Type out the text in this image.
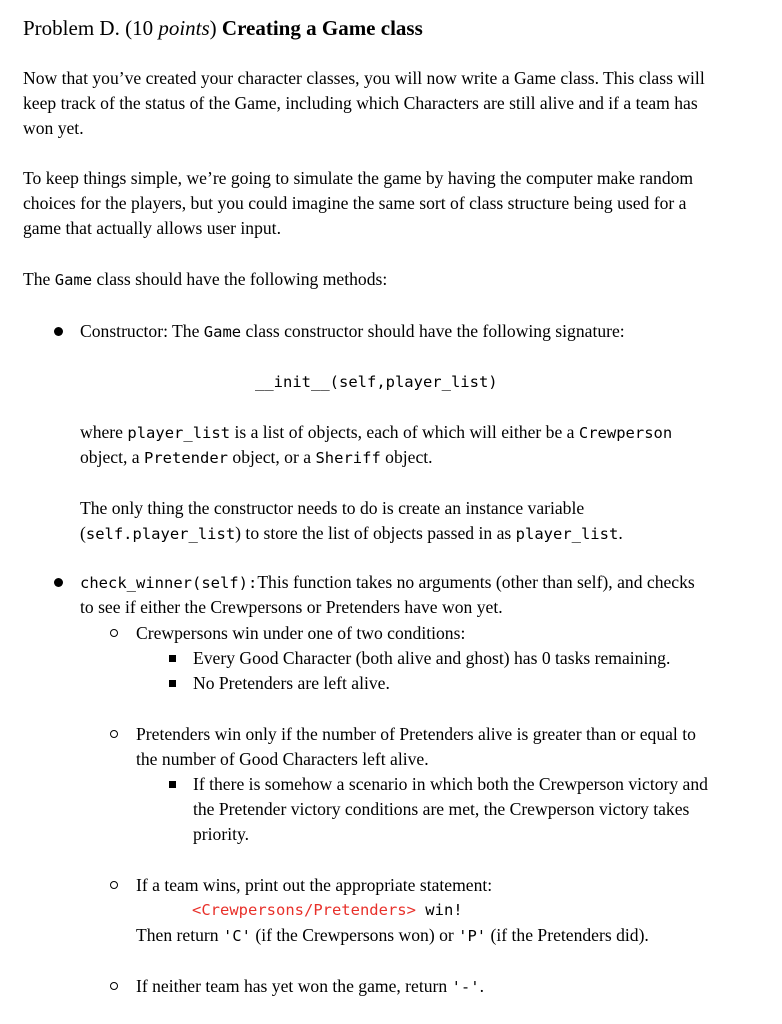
Problem D. (10 points) Creating a Game class

Now that you’ve created your character classes, you will now write a Game class. This class will

keep track of the status of the Game, including which Characters are still alive and if a team has

won yet.

To keep things simple, we’re going to simulate the game by having the computer make random

choices for the players, but you could imagine the same sort of class structure being used for a

game that actually allows user input.

The Game class should have the following methods:

Constructor: The Game class constructor should have the following signature:

__init__(self,player_list)

where player_list is a list of objects, each of which will either be a Crewperson

object, a Pretender object, or a Sheriff object.

The only thing the constructor needs to do is create an instance variable

(self.player_list) to store the list of objects passed in as player_list.

check_winner(self):This function takes no arguments (other than self), and checks

to see if either the Crewpersons or Pretenders have won yet.

Crewpersons win under one of two conditions:

Every Good Character (both alive and ghost) has 0 tasks remaining.

No Pretenders are left alive.

Pretenders win only if the number of Pretenders alive is greater than or equal to

the number of Good Characters left alive.

If there is somehow a scenario in which both the Crewperson victory and

the Pretender victory conditions are met, the Crewperson victory takes

priority.

If a team wins, print out the appropriate statement:

<Crewpersons/Pretenders> win!

Then return 'C' (if the Crewpersons won) or 'P' (if the Pretenders did).

If neither team has yet won the game, return '-'.
